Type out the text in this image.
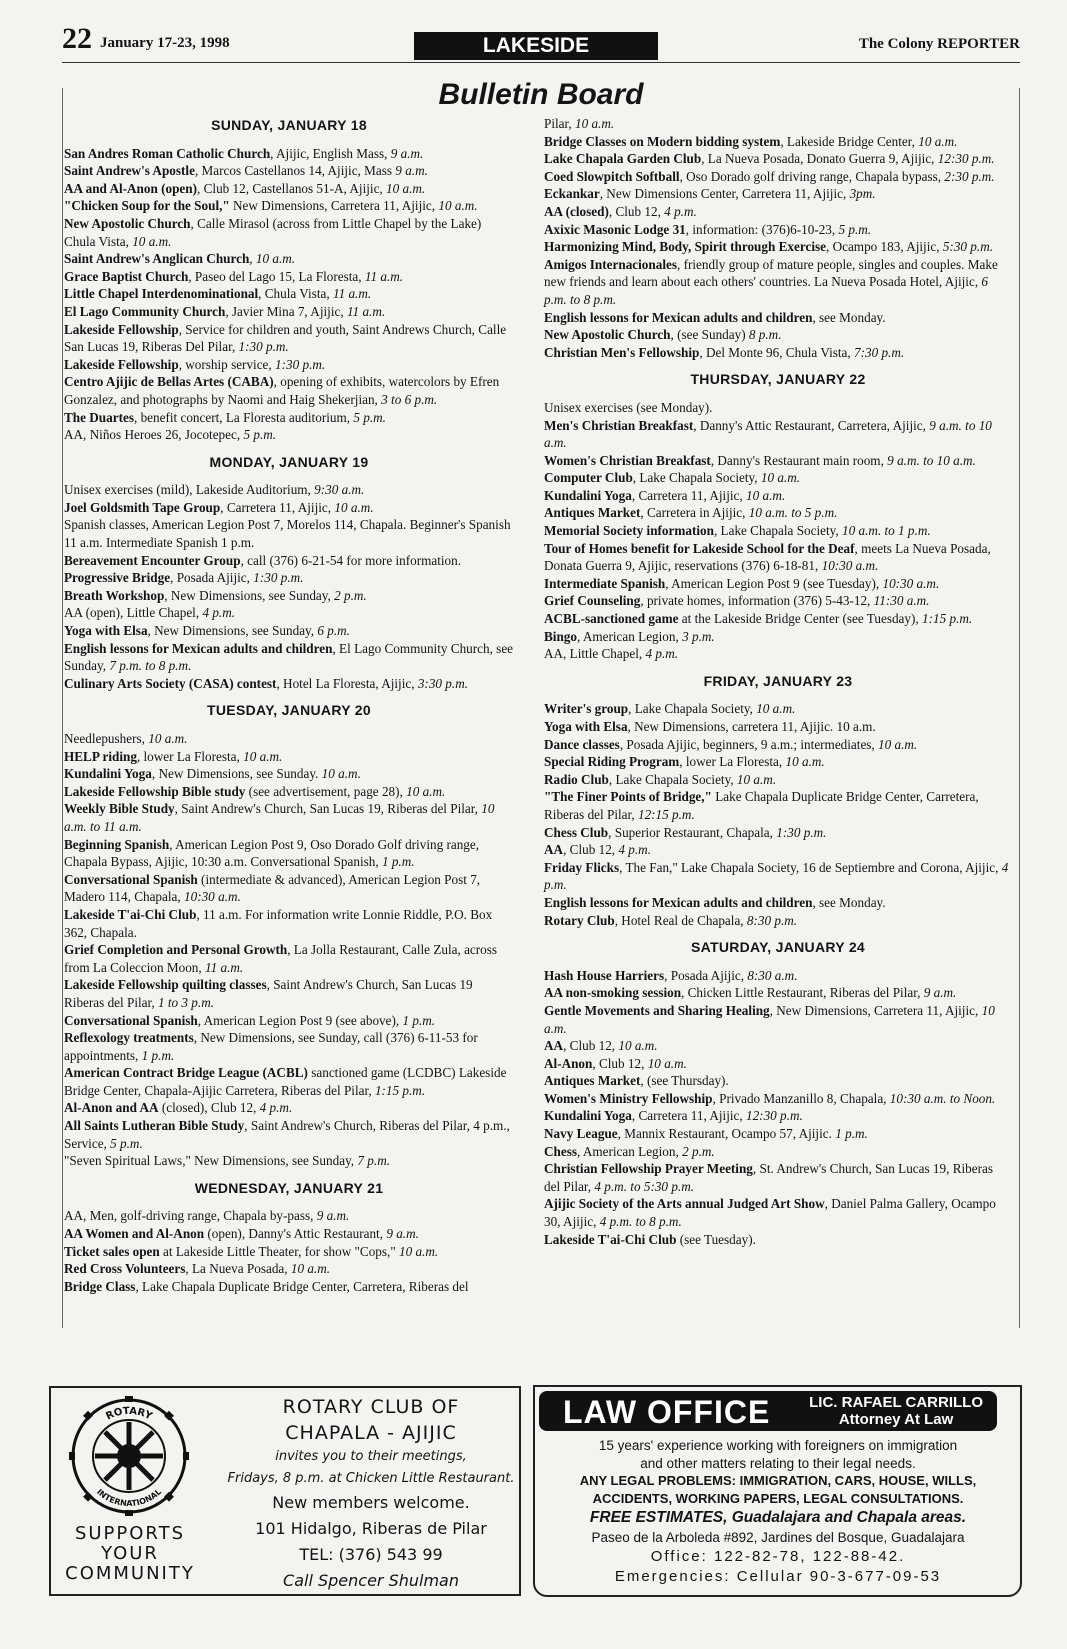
22 January 17-23, 1998	LAKESIDE	The Colony REPORTER
Bulletin Board
SUNDAY, JANUARY 18
San Andres Roman Catholic Church, Ajijic, English Mass, 9 a.m.
Saint Andrew's Apostle, Marcos Castellanos 14, Ajijic, Mass 9 a.m.
AA and Al-Anon (open), Club 12, Castellanos 51-A, Ajijic, 10 a.m.
"Chicken Soup for the Soul," New Dimensions, Carretera 11, Ajijic, 10 a.m.
New Apostolic Church, Calle Mirasol (across from Little Chapel by the Lake) Chula Vista, 10 a.m.
Saint Andrew's Anglican Church, 10 a.m.
Grace Baptist Church, Paseo del Lago 15, La Floresta, 11 a.m.
Little Chapel Interdenominational, Chula Vista, 11 a.m.
El Lago Community Church, Javier Mina 7, Ajijic, 11 a.m.
Lakeside Fellowship, Service for children and youth, Saint Andrews Church, Calle San Lucas 19, Riberas Del Pilar, 1:30 p.m.
Lakeside Fellowship, worship service, 1:30 p.m.
Centro Ajijic de Bellas Artes (CABA), opening of exhibits, watercolors by Efren Gonzalez, and photographs by Naomi and Haig Shekerjian, 3 to 6 p.m.
The Duartes, benefit concert, La Floresta auditorium, 5 p.m.
AA, Niños Heroes 26, Jocotepec, 5 p.m.
MONDAY, JANUARY 19
Unisex exercises (mild), Lakeside Auditorium, 9:30 a.m.
Joel Goldsmith Tape Group, Carretera 11, Ajijic, 10 a.m.
Spanish classes, American Legion Post 7, Morelos 114, Chapala. Beginner's Spanish 11 a.m. Intermediate Spanish 1 p.m.
Bereavement Encounter Group, call (376) 6-21-54 for more information.
Progressive Bridge, Posada Ajijic, 1:30 p.m.
Breath Workshop, New Dimensions, see Sunday, 2 p.m.
AA (open), Little Chapel, 4 p.m.
Yoga with Elsa, New Dimensions, see Sunday, 6 p.m.
English lessons for Mexican adults and children, El Lago Community Church, see Sunday, 7 p.m. to 8 p.m.
Culinary Arts Society (CASA) contest, Hotel La Floresta, Ajijic, 3:30 p.m.
TUESDAY, JANUARY 20
Needlepushers, 10 a.m.
HELP riding, lower La Floresta, 10 a.m.
Kundalini Yoga, New Dimensions, see Sunday. 10 a.m.
Lakeside Fellowship Bible study (see advertisement, page 28), 10 a.m.
Weekly Bible Study, Saint Andrew's Church, San Lucas 19, Riberas del Pilar, 10 a.m. to 11 a.m.
Beginning Spanish, American Legion Post 9, Oso Dorado Golf driving range, Chapala Bypass, Ajijic, 10:30 a.m. Conversational Spanish, 1 p.m.
Conversational Spanish (intermediate & advanced), American Legion Post 7, Madero 114, Chapala, 10:30 a.m.
Lakeside T'ai-Chi Club, 11 a.m. For information write Lonnie Riddle, P.O. Box 362, Chapala.
Grief Completion and Personal Growth, La Jolla Restaurant, Calle Zula, across from La Coleccion Moon, 11 a.m.
Lakeside Fellowship quilting classes, Saint Andrew's Church, San Lucas 19 Riberas del Pilar, 1 to 3 p.m.
Conversational Spanish, American Legion Post 9 (see above), 1 p.m.
Reflexology treatments, New Dimensions, see Sunday, call (376) 6-11-53 for appointments, 1 p.m.
American Contract Bridge League (ACBL) sanctioned game (LCDBC) Lakeside Bridge Center, Chapala-Ajijic Carretera, Riberas del Pilar, 1:15 p.m.
Al-Anon and AA (closed), Club 12, 4 p.m.
All Saints Lutheran Bible Study, Saint Andrew's Church, Riberas del Pilar, 4 p.m., Service, 5 p.m.
"Seven Spiritual Laws," New Dimensions, see Sunday, 7 p.m.
WEDNESDAY, JANUARY 21
AA, Men, golf-driving range, Chapala by-pass, 9 a.m.
AA Women and Al-Anon (open), Danny's Attic Restaurant, 9 a.m.
Ticket sales open at Lakeside Little Theater, for show "Cops," 10 a.m.
Red Cross Volunteers, La Nueva Posada, 10 a.m.
Bridge Class, Lake Chapala Duplicate Bridge Center, Carretera, Riberas del
Pilar, 10 a.m.
Bridge Classes on Modern bidding system, Lakeside Bridge Center, 10 a.m.
Lake Chapala Garden Club, La Nueva Posada, Donato Guerra 9, Ajijic, 12:30 p.m.
Coed Slowpitch Softball, Oso Dorado golf driving range, Chapala bypass, 2:30 p.m.
Eckankar, New Dimensions Center, Carretera 11, Ajijic, 3pm.
AA (closed), Club 12, 4 p.m.
Axixic Masonic Lodge 31, information: (376)6-10-23, 5 p.m.
Harmonizing Mind, Body, Spirit through Exercise, Ocampo 183, Ajijic, 5:30 p.m.
Amigos Internacionales, friendly group of mature people, singles and couples. Make new friends and learn about each others' countries. La Nueva Posada Hotel, Ajijic, 6 p.m. to 8 p.m.
English lessons for Mexican adults and children, see Monday.
New Apostolic Church, (see Sunday) 8 p.m.
Christian Men's Fellowship, Del Monte 96, Chula Vista, 7:30 p.m.
THURSDAY, JANUARY 22
Unisex exercises (see Monday).
Men's Christian Breakfast, Danny's Attic Restaurant, Carretera, Ajijic, 9 a.m. to 10 a.m.
Women's Christian Breakfast, Danny's Restaurant main room, 9 a.m. to 10 a.m.
Computer Club, Lake Chapala Society, 10 a.m.
Kundalini Yoga, Carretera 11, Ajijic, 10 a.m.
Antiques Market, Carretera in Ajijic, 10 a.m. to 5 p.m.
Memorial Society information, Lake Chapala Society, 10 a.m. to 1 p.m.
Tour of Homes benefit for Lakeside School for the Deaf, meets La Nueva Posada, Donata Guerra 9, Ajijic, reservations (376) 6-18-81, 10:30 a.m.
Intermediate Spanish, American Legion Post 9 (see Tuesday), 10:30 a.m.
Grief Counseling, private homes, information (376) 5-43-12, 11:30 a.m.
ACBL-sanctioned game at the Lakeside Bridge Center (see Tuesday), 1:15 p.m.
Bingo, American Legion, 3 p.m.
AA, Little Chapel, 4 p.m.
FRIDAY, JANUARY 23
Writer's group, Lake Chapala Society, 10 a.m.
Yoga with Elsa, New Dimensions, carretera 11, Ajijic. 10 a.m.
Dance classes, Posada Ajijic, beginners, 9 a.m.; intermediates, 10 a.m.
Special Riding Program, lower La Floresta, 10 a.m.
Radio Club, Lake Chapala Society, 10 a.m.
"The Finer Points of Bridge," Lake Chapala Duplicate Bridge Center, Carretera, Riberas del Pilar, 12:15 p.m.
Chess Club, Superior Restaurant, Chapala, 1:30 p.m.
AA, Club 12, 4 p.m.
Friday Flicks, The Fan," Lake Chapala Society, 16 de Septiembre and Corona, Ajijic, 4 p.m.
English lessons for Mexican adults and children, see Monday.
Rotary Club, Hotel Real de Chapala, 8:30 p.m.
SATURDAY, JANUARY 24
Hash House Harriers, Posada Ajijic, 8:30 a.m.
AA non-smoking session, Chicken Little Restaurant, Riberas del Pilar, 9 a.m.
Gentle Movements and Sharing Healing, New Dimensions, Carretera 11, Ajijic, 10 a.m.
AA, Club 12, 10 a.m.
Al-Anon, Club 12, 10 a.m.
Antiques Market, (see Thursday).
Women's Ministry Fellowship, Privado Manzanillo 8, Chapala, 10:30 a.m. to Noon.
Kundalini Yoga, Carretera 11, Ajijic, 12:30 p.m.
Navy League, Mannix Restaurant, Ocampo 57, Ajijic. 1 p.m.
Chess, American Legion, 2 p.m.
Christian Fellowship Prayer Meeting, St. Andrew's Church, San Lucas 19, Riberas del Pilar, 4 p.m. to 5:30 p.m.
Ajijic Society of the Arts annual Judged Art Show, Daniel Palma Gallery, Ocampo 30, Ajijic, 4 p.m. to 8 p.m.
Lakeside T'ai-Chi Club (see Tuesday).
ROTARY
INTERNATIONAL
SUPPORTS
YOUR
COMMUNITY
ROTARY CLUB OF
CHAPALA - AJIJIC
invites you to their meetings,
Fridays, 8 p.m. at Chicken Little Restaurant.
New members welcome.
101 Hidalgo, Riberas de Pilar
TEL: (376) 543 99
Call Spencer Shulman
LAW OFFICE	LIC. RAFAEL CARRILLO
Attorney At Law
15 years' experience working with foreigners on immigration
and other matters relating to their legal needs.
ANY LEGAL PROBLEMS: IMMIGRATION, CARS, HOUSE, WILLS,
ACCIDENTS, WORKING PAPERS, LEGAL CONSULTATIONS.
FREE ESTIMATES, Guadalajara and Chapala areas.
Paseo de la Arboleda #892, Jardines del Bosque, Guadalajara
Office: 122-82-78, 122-88-42.
Emergencies: Cellular 90-3-677-09-53
